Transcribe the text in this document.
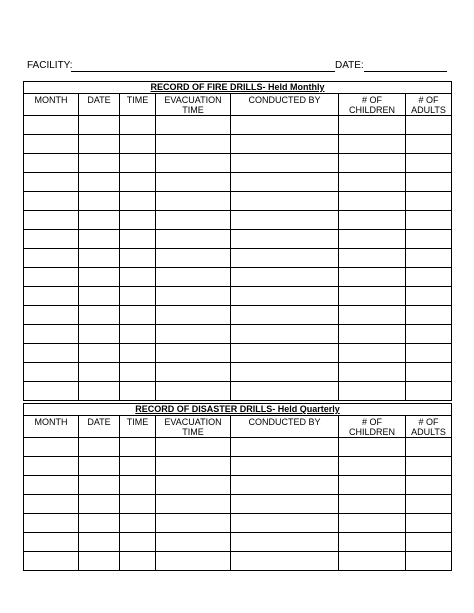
FACILITY:	DATE:
RECORD OF FIRE DRILLS- Held Monthly						

MONTH	DATE	TIME	EVACUATION TIME	CONDUCTED BY	# OF CHILDREN	# OF ADULTS

RECORD OF DISASTER DRILLS- Held Quarterly						

MONTH	DATE	TIME	EVACUATION TIME	CONDUCTED BY	# OF CHILDREN	# OF ADULTS
